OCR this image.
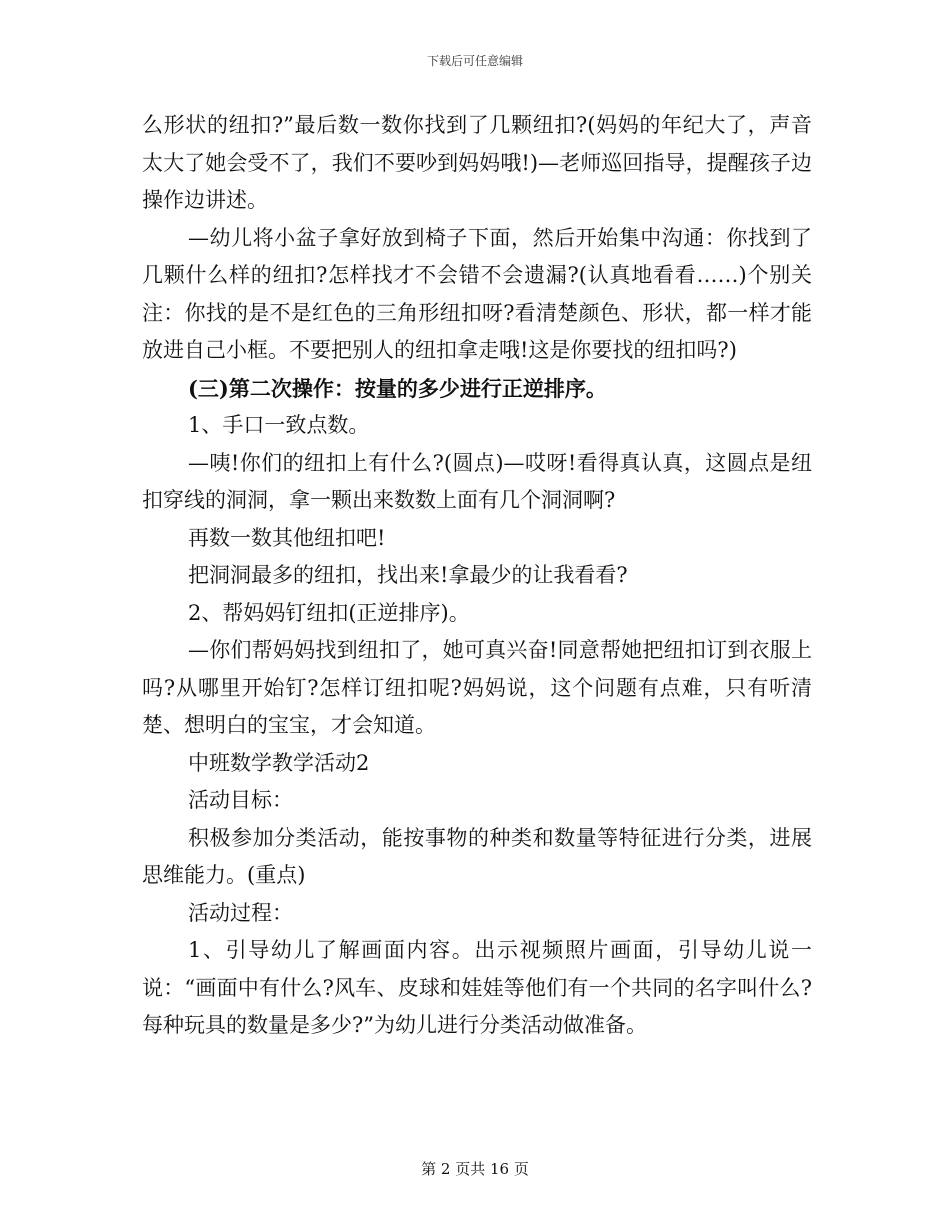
下载后可任意编辑

么形状的纽扣?”最后数一数你找到了几颗纽扣?(妈妈的年纪大了，声音太大了她会受不了，我们不要吵到妈妈哦!)—老师巡回指导，提醒孩子边操作边讲述。

—幼儿将小盆子拿好放到椅子下面，然后开始集中沟通：你找到了几颗什么样的纽扣?怎样找才不会错不会遗漏?(认真地看看……)个别关注：你找的是不是红色的三角形纽扣呀?看清楚颜色、形状，都一样才能放进自己小框。不要把别人的纽扣拿走哦!这是你要找的纽扣吗?)

(三)第二次操作：按量的多少进行正逆排序。

1、手口一致点数。

—咦!你们的纽扣上有什么?(圆点)—哎呀!看得真认真，这圆点是纽扣穿线的洞洞，拿一颗出来数数上面有几个洞洞啊?

再数一数其他纽扣吧!

把洞洞最多的纽扣，找出来!拿最少的让我看看?

2、帮妈妈钉纽扣(正逆排序)。

—你们帮妈妈找到纽扣了，她可真兴奋!同意帮她把纽扣订到衣服上吗?从哪里开始钉?怎样订纽扣呢?妈妈说，这个问题有点难，只有听清楚、想明白的宝宝，才会知道。

中班数学教学活动2

活动目标：

积极参加分类活动，能按事物的种类和数量等特征进行分类，进展思维能力。(重点)

活动过程：

1、引导幼儿了解画面内容。出示视频照片画面，引导幼儿说一说：“画面中有什么?风车、皮球和娃娃等他们有一个共同的名字叫什么?每种玩具的数量是多少?”为幼儿进行分类活动做准备。

第 2 页共 16 页
